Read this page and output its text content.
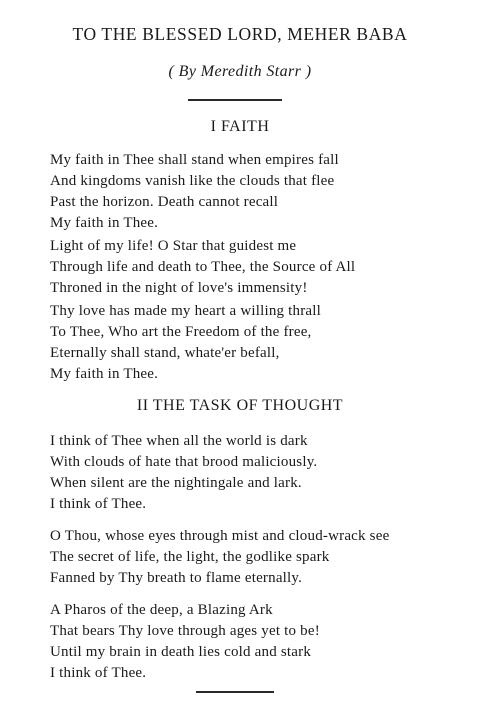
TO THE BLESSED LORD, MEHER BABA
( By Meredith Starr )
I FAITH
My faith in Thee shall stand when empires fall
And kingdoms vanish like the clouds that flee
Past the horizon. Death cannot recall
My faith in Thee.
Light of my life! O Star that guidest me
Through life and death to Thee, the Source of All
Throned in the night of love's immensity!
Thy love has made my heart a willing thrall
To Thee, Who art the Freedom of the free,
Eternally shall stand, whate'er befall,
My faith in Thee.
II THE TASK OF THOUGHT
I think of Thee when all the world is dark
With clouds of hate that brood maliciously.
When silent are the nightingale and lark.
I think of Thee.
O Thou, whose eyes through mist and cloud-wrack see
The secret of life, the light, the godlike spark
Fanned by Thy breath to flame eternally.
A Pharos of the deep, a Blazing Ark
That bears Thy love through ages yet to be!
Until my brain in death lies cold and stark
I think of Thee.
